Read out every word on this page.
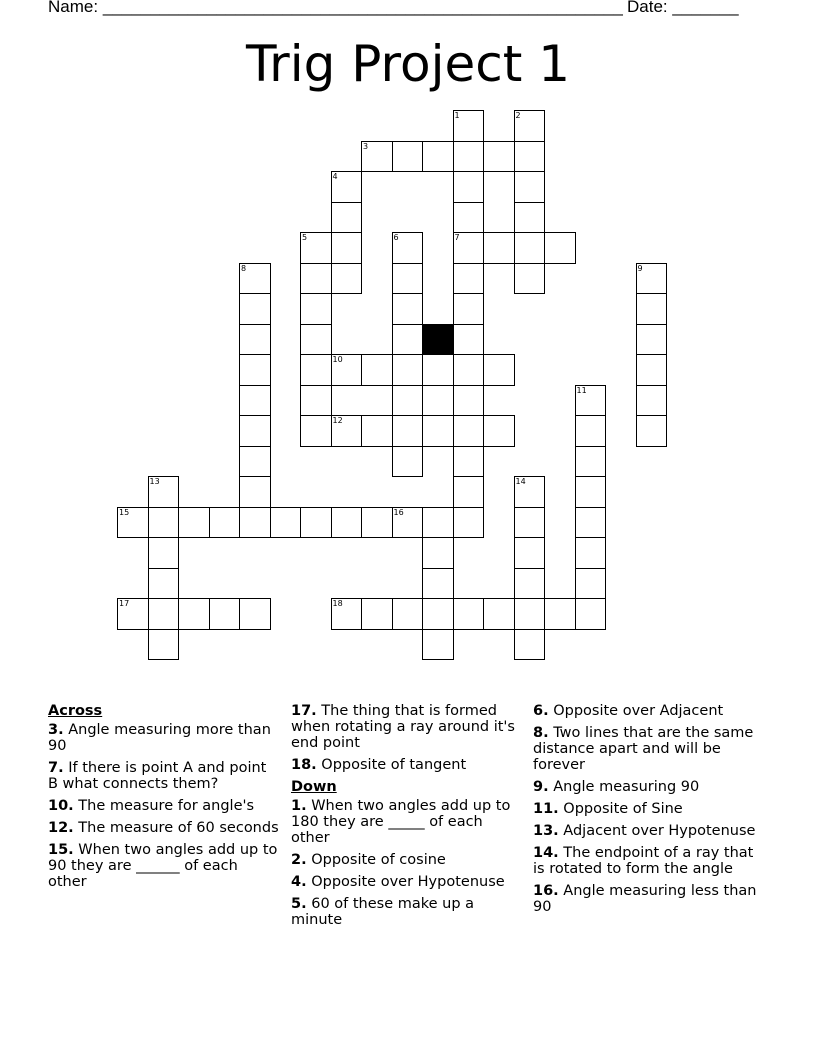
Name: _______________________________________________________ Date: _______
Trig Project 1
1	2
3
4
5	6	7
8	9
10
11
12
13	14
15	16
17	18
Across
3. Angle measuring more than 90
7. If there is point A and point B what connects them?
10. The measure for angle's
12. The measure of 60 seconds
15. When two angles add up to 90 they are ______ of each other
17. The thing that is formed when rotating a ray around it's end point
18. Opposite of tangent
Down
1. When two angles add up to 180 they are _____ of each other
2. Opposite of cosine
4. Opposite over Hypotenuse
5. 60 of these make up a minute
6. Opposite over Adjacent
8. Two lines that are the same distance apart and will be forever
9. Angle measuring 90
11. Opposite of Sine
13. Adjacent over Hypotenuse
14. The endpoint of a ray that is rotated to form the angle
16. Angle measuring less than 90
